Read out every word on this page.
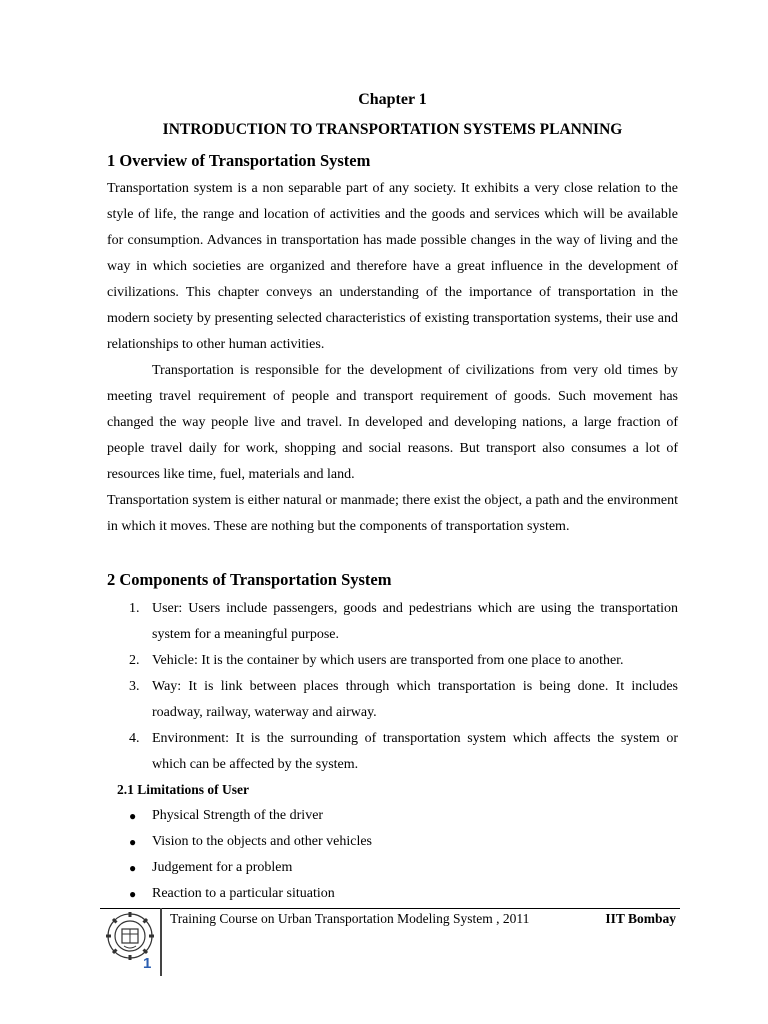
Chapter 1
INTRODUCTION TO TRANSPORTATION SYSTEMS PLANNING
1 Overview of Transportation System
Transportation system is a non separable part of any society. It exhibits a very close relation to the style of life, the range and location of activities and the goods and services which will be available for consumption. Advances in transportation has made possible changes in the way of living and the way in which societies are organized and therefore have a great influence in the development of civilizations. This chapter conveys an understanding of the importance of transportation in the modern society by presenting selected characteristics of existing transportation systems, their use and relationships to other human activities.
Transportation is responsible for the development of civilizations from very old times by meeting travel requirement of people and transport requirement of goods. Such movement has changed the way people live and travel. In developed and developing nations, a large fraction of people travel daily for work, shopping and social reasons. But transport also consumes a lot of resources like time, fuel, materials and land.
Transportation system is either natural or manmade; there exist the object, a path and the environment in which it moves. These are nothing but the components of transportation system.
2 Components of Transportation System
1. User: Users include passengers, goods and pedestrians which are using the transportation system for a meaningful purpose.
2. Vehicle: It is the container by which users are transported from one place to another.
3. Way: It is link between places through which transportation is being done. It includes roadway, railway, waterway and airway.
4. Environment: It is the surrounding of transportation system which affects the system or which can be affected by the system.
2.1 Limitations of User
● Physical Strength of the driver
● Vision to the objects and other vehicles
● Judgement for a problem
● Reaction to a particular situation
Training Course on Urban Transportation Modeling System , 2011	IIT Bombay
1
